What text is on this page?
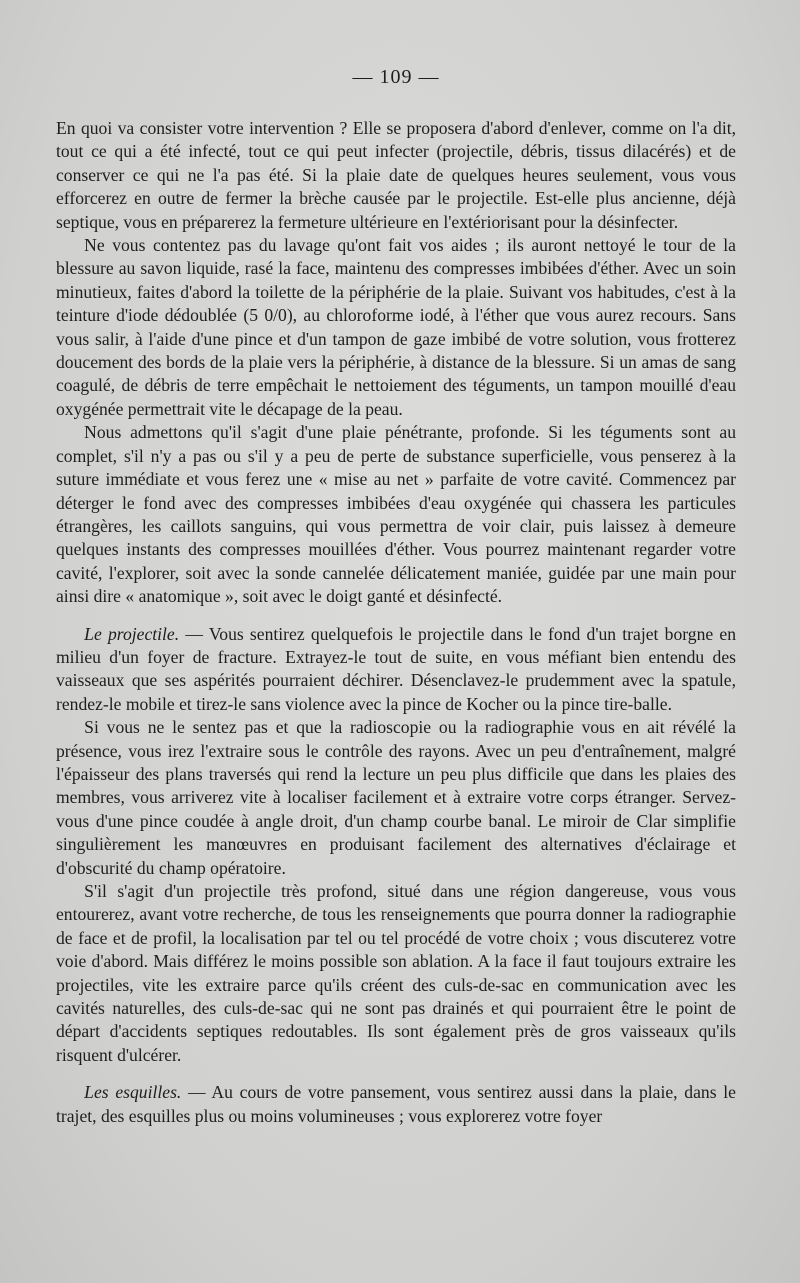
— 109 —

En quoi va consister votre intervention ? Elle se proposera d'abord d'enlever, comme on l'a dit, tout ce qui a été infecté, tout ce qui peut infecter (projectile, débris, tissus dilacérés) et de conserver ce qui ne l'a pas été. Si la plaie date de quelques heures seulement, vous vous efforcerez en outre de fermer la brèche causée par le projectile. Est-elle plus ancienne, déjà septique, vous en préparerez la fermeture ultérieure en l'extériorisant pour la désinfecter.

Ne vous contentez pas du lavage qu'ont fait vos aides ; ils auront nettoyé le tour de la blessure au savon liquide, rasé la face, maintenu des compresses imbibées d'éther. Avec un soin minutieux, faites d'abord la toilette de la périphérie de la plaie. Suivant vos habitudes, c'est à la teinture d'iode dédoublée (5 0/0), au chloroforme iodé, à l'éther que vous aurez recours. Sans vous salir, à l'aide d'une pince et d'un tampon de gaze imbibé de votre solution, vous frotterez doucement des bords de la plaie vers la périphérie, à distance de la blessure. Si un amas de sang coagulé, de débris de terre empêchait le nettoiement des téguments, un tampon mouillé d'eau oxygénée permettrait vite le décapage de la peau.

Nous admettons qu'il s'agit d'une plaie pénétrante, profonde. Si les téguments sont au complet, s'il n'y a pas ou s'il y a peu de perte de substance superficielle, vous penserez à la suture immédiate et vous ferez une « mise au net » parfaite de votre cavité. Commencez par déterger le fond avec des compresses imbibées d'eau oxygénée qui chassera les particules étrangères, les caillots sanguins, qui vous permettra de voir clair, puis laissez à demeure quelques instants des compresses mouillées d'éther. Vous pourrez maintenant regarder votre cavité, l'explorer, soit avec la sonde cannelée délicatement maniée, guidée par une main pour ainsi dire « anatomique », soit avec le doigt ganté et désinfecté.

Le projectile. — Vous sentirez quelquefois le projectile dans le fond d'un trajet borgne en milieu d'un foyer de fracture. Extrayez-le tout de suite, en vous méfiant bien entendu des vaisseaux que ses aspérités pourraient déchirer. Désenclavez-le prudemment avec la spatule, rendez-le mobile et tirez-le sans violence avec la pince de Kocher ou la pince tire-balle.

Si vous ne le sentez pas et que la radioscopie ou la radiographie vous en ait révélé la présence, vous irez l'extraire sous le contrôle des rayons. Avec un peu d'entraînement, malgré l'épaisseur des plans traversés qui rend la lecture un peu plus difficile que dans les plaies des membres, vous arriverez vite à localiser facilement et à extraire votre corps étranger. Servez-vous d'une pince coudée à angle droit, d'un champ courbe banal. Le miroir de Clar simplifie singulièrement les manœuvres en produisant facilement des alternatives d'éclairage et d'obscurité du champ opératoire.

S'il s'agit d'un projectile très profond, situé dans une région dangereuse, vous vous entourerez, avant votre recherche, de tous les renseignements que pourra donner la radiographie de face et de profil, la localisation par tel ou tel procédé de votre choix ; vous discuterez votre voie d'abord. Mais différez le moins possible son ablation. A la face il faut toujours extraire les projectiles, vite les extraire parce qu'ils créent des culs-de-sac en communication avec les cavités naturelles, des culs-de-sac qui ne sont pas drainés et qui pourraient être le point de départ d'accidents septiques redoutables. Ils sont également près de gros vaisseaux qu'ils risquent d'ulcérer.

Les esquilles. — Au cours de votre pansement, vous sentirez aussi dans la plaie, dans le trajet, des esquilles plus ou moins volumineuses ; vous explorerez votre foyer
